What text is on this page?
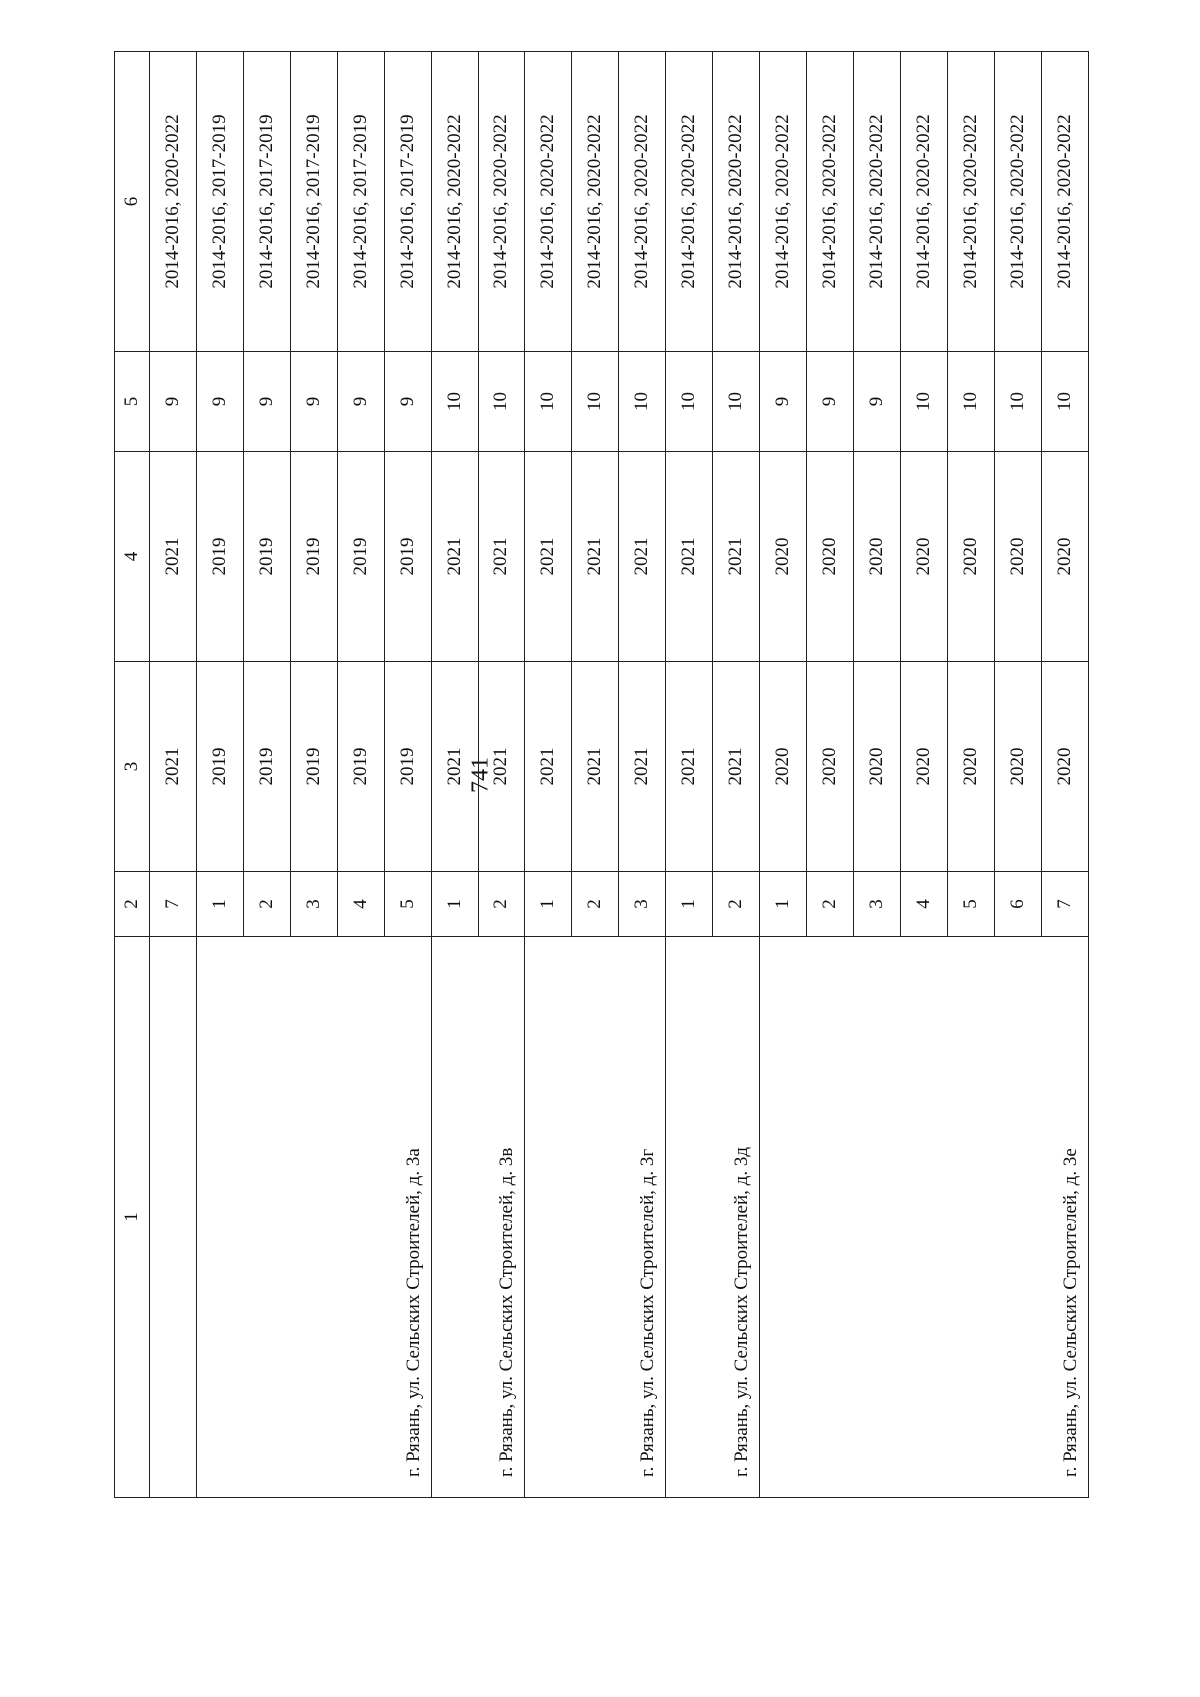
741
1	2	3	4	5	6
	7	2021	2021	9	2014-2016, 2020-2022
г. Рязань, ул. Сельских Строителей, д. 3а	1	2019	2019	9	2014-2016, 2017-2019
	2	2019	2019	9	2014-2016, 2017-2019
	3	2019	2019	9	2014-2016, 2017-2019
	4	2019	2019	9	2014-2016, 2017-2019
	5	2019	2019	9	2014-2016, 2017-2019
г. Рязань, ул. Сельских Строителей, д. 3в	1	2021	2021	10	2014-2016, 2020-2022
	2	2021	2021	10	2014-2016, 2020-2022
г. Рязань, ул. Сельских Строителей, д. 3г	1	2021	2021	10	2014-2016, 2020-2022
	2	2021	2021	10	2014-2016, 2020-2022
	3	2021	2021	10	2014-2016, 2020-2022
г. Рязань, ул. Сельских Строителей, д. 3д	1	2021	2021	10	2014-2016, 2020-2022
	2	2021	2021	10	2014-2016, 2020-2022
г. Рязань, ул. Сельских Строителей, д. 3е	1	2020	2020	9	2014-2016, 2020-2022
	2	2020	2020	9	2014-2016, 2020-2022
	3	2020	2020	9	2014-2016, 2020-2022
	4	2020	2020	10	2014-2016, 2020-2022
	5	2020	2020	10	2014-2016, 2020-2022
	6	2020	2020	10	2014-2016, 2020-2022
	7	2020	2020	10	2014-2016, 2020-2022
